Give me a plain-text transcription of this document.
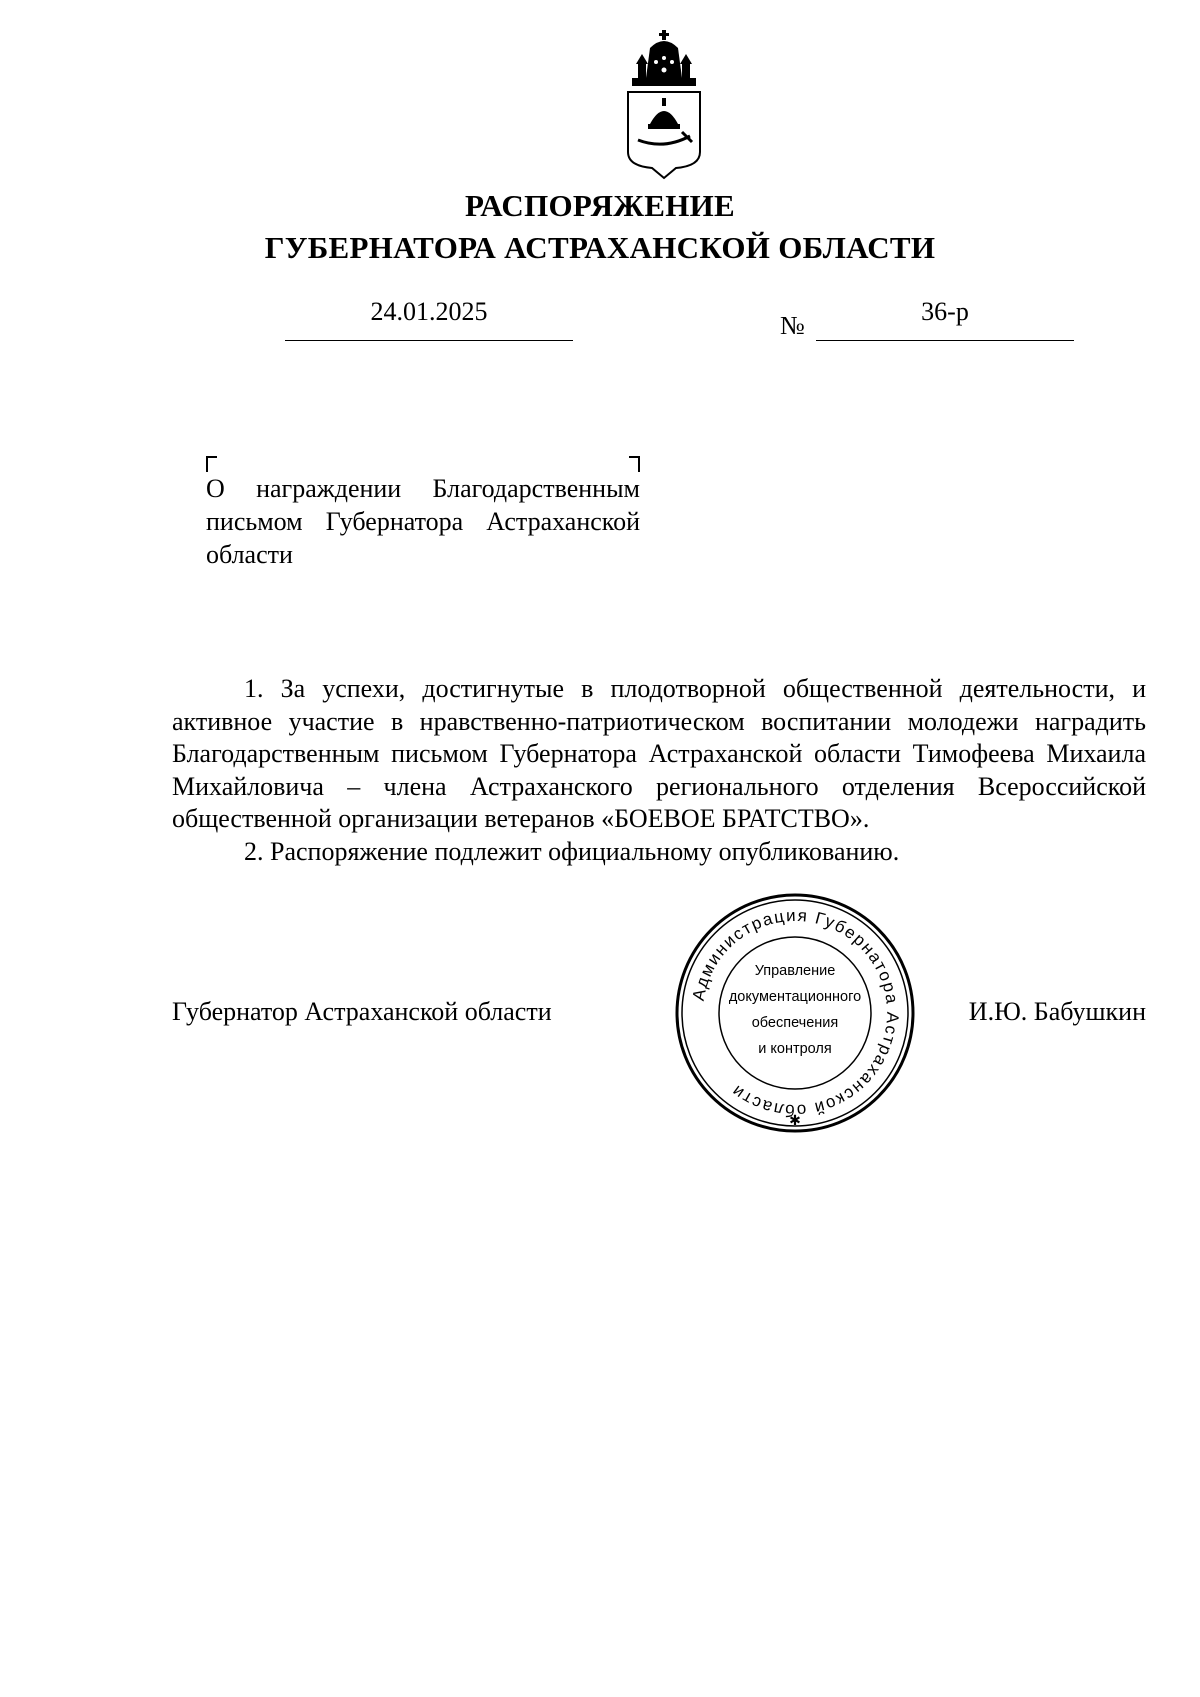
РАСПОРЯЖЕНИЕ
ГУБЕРНАТОРА АСТРАХАНСКОЙ ОБЛАСТИ
24.01.2025	№	36-р
О награждении Благодарственным
письмом Губернатора Астраханской
области

1. За успехи, достигнутые в плодотворной общественной деятельности, и активное участие в нравственно-патриотическом воспитании молодежи наградить Благодарственным письмом Губернатора Астраханской области Тимофеева Михаила Михайловича – члена Астраханского регионального отделения Всероссийской общественной организации ветеранов «БОЕВОЕ БРАТСТВО».

2. Распоряжение подлежит официальному опубликованию.

Губернатор Астраханской области	И.Ю. Бабушкин
Администрация Губернатора Астраханской области
✱
Управление
документационного
обеспечения
и контроля
